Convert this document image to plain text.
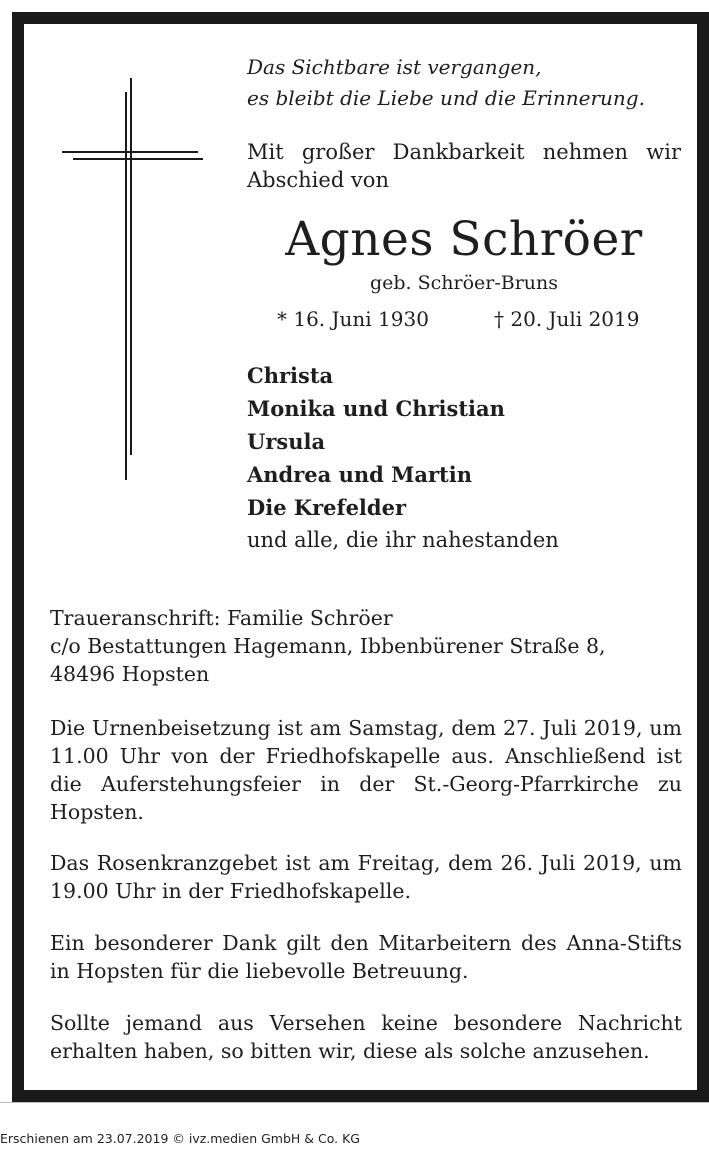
Das Sichtbare ist vergangen,
es bleibt die Liebe und die Erinnerung.
Mit großer Dankbarkeit nehmen wir Abschied von
Agnes Schröer
geb. Schröer-Bruns
* 16. Juni 1930	† 20. Juli 2019
Christa
Monika und Christian
Ursula
Andrea und Martin
Die Krefelder
und alle, die ihr nahestanden
Traueranschrift: Familie Schröer
c/o Bestattungen Hagemann, Ibbenbürener Straße 8,
48496 Hopsten
Die Urnenbeisetzung ist am Samstag, dem 27. Juli 2019, um 11.00 Uhr von der Friedhofskapelle aus. Anschließend ist die Auferstehungsfeier in der St.-Georg-Pfarrkirche zu Hopsten.
Das Rosenkranzgebet ist am Freitag, dem 26. Juli 2019, um 19.00 Uhr in der Friedhofskapelle.
Ein besonderer Dank gilt den Mitarbeitern des Anna-Stifts in Hopsten für die liebevolle Betreuung.
Sollte jemand aus Versehen keine besondere Nachricht erhalten haben, so bitten wir, diese als solche anzusehen.
Erschienen am 23.07.2019 © ivz.medien GmbH & Co. KG
